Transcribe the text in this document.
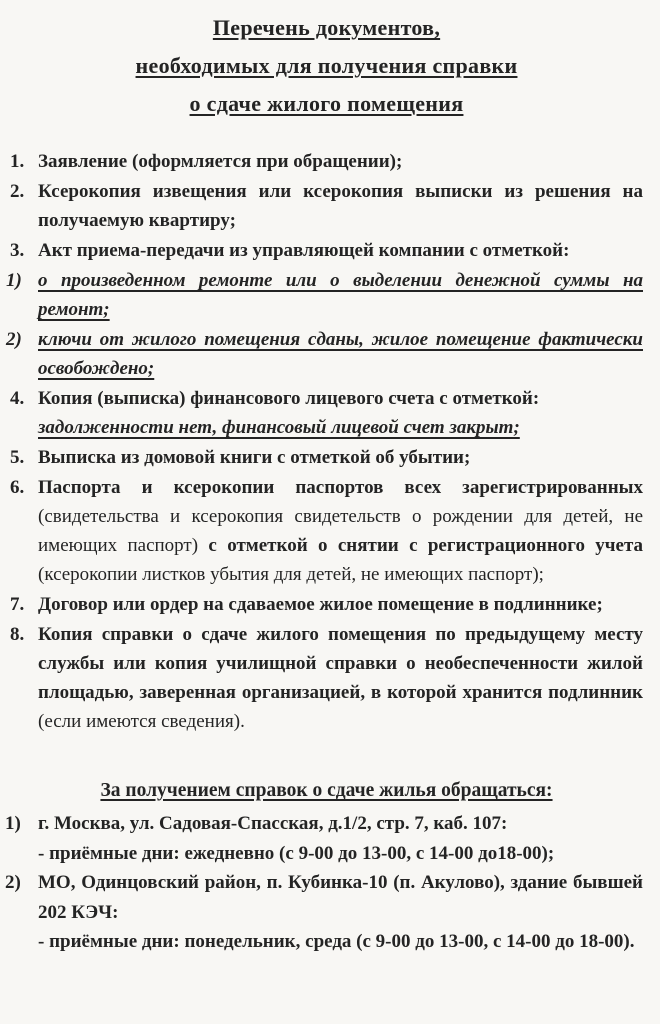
Перечень документов,
необходимых для получения справки
о сдаче жилого помещения
1. Заявление (оформляется при обращении);
2. Ксерокопия извещения или ксерокопия выписки из решения на получаемую квартиру;
3. Акт приема-передачи из управляющей компании с отметкой:
1) о произведенном ремонте или о выделении денежной суммы на ремонт;
2) ключи от жилого помещения сданы, жилое помещение фактически освобождено;
4. Копия (выписка) финансового лицевого счета с отметкой:
задолженности нет, финансовый лицевой счет закрыт;
5. Выписка из домовой книги с отметкой об убытии;
6. Паспорта и ксерокопии паспортов всех зарегистрированных (свидетельства и ксерокопия свидетельств о рождении для детей, не имеющих паспорт) с отметкой о снятии с регистрационного учета (ксерокопии листков убытия для детей, не имеющих паспорт);
7. Договор или ордер на сдаваемое жилое помещение в подлиннике;
8. Копия справки о сдаче жилого помещения по предыдущему месту службы или копия училищной справки о необеспеченности жилой площадью, заверенная организацией, в которой хранится подлинник (если имеются сведения).
За получением справок о сдаче жилья обращаться:
1) г. Москва, ул. Садовая-Спасская, д.1/2, стр. 7, каб. 107:
- приёмные дни: ежедневно (с 9-00 до 13-00, с 14-00 до18-00);
2) МО, Одинцовский район, п. Кубинка-10 (п. Акулово), здание бывшей 202 КЭЧ:
- приёмные дни: понедельник, среда (с 9-00 до 13-00, с 14-00 до 18-00).
